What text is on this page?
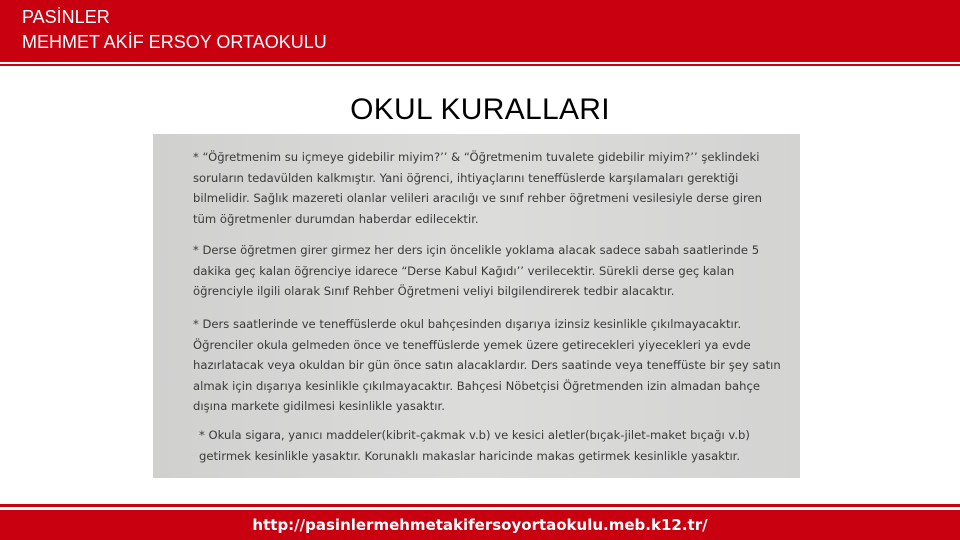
PASİNLER
MEHMET AKİF ERSOY ORTAOKULU
OKUL KURALLARI
* “Öğretmenim su içmeye gidebilir miyim?’’ & “Öğretmenim tuvalete gidebilir miyim?’’ şeklindeki
soruların tedavüldеn kalkmıştır. Yani öğrenci, ihtiyaçlarını teneffüslerde karşılamaları gerektiği
bilmelidir. Sağlık mazereti olanlar velileri aracılığı ve sınıf rehber öğretmeni vesilesiyle derse giren
tüm öğretmenler durumdan haberdar edilecektir.
* Derse öğretmen girer girmez her ders için öncelikle yoklama alacak sadece sabah saatlerinde 5
dakika geç kalan öğrenciye idarece “Derse Kabul Kağıdı’’ verilecektir. Sürekli derse geç kalan
öğrenciyle ilgili olarak Sınıf Rehber Öğretmeni veliyi bilgilendirerek tedbir alacaktır.
* Ders saatlerinde ve teneffüslerde okul bahçesinden dışarıya izinsiz kesinlikle çıkılmayacaktır.
Öğrenciler okula gelmeden önce ve teneffüslerde yemek üzere getirecekleri yiyecekleri ya evde
hazırlatacak veya okuldan bir gün önce satın alacaklardır. Ders saatinde veya teneffüste bir şey satın
almak için dışarıya kesinlikle çıkılmayacaktır. Bahçesi Nöbetçisi Öğretmenden izin almadan bahçe
dışına markete gidilmesi kesinlikle yasaktır.
* Okula sigara, yanıcı maddeler(kibrit-çakmak v.b) ve kesici aletler(bıçak-jilet-maket bıçağı v.b)
getirmek kesinlikle yasaktır. Korunaklı makaslar haricinde makas getirmek kesinlikle yasaktır.
http://pasinlermehmetakifersoyortaokulu.meb.k12.tr/
